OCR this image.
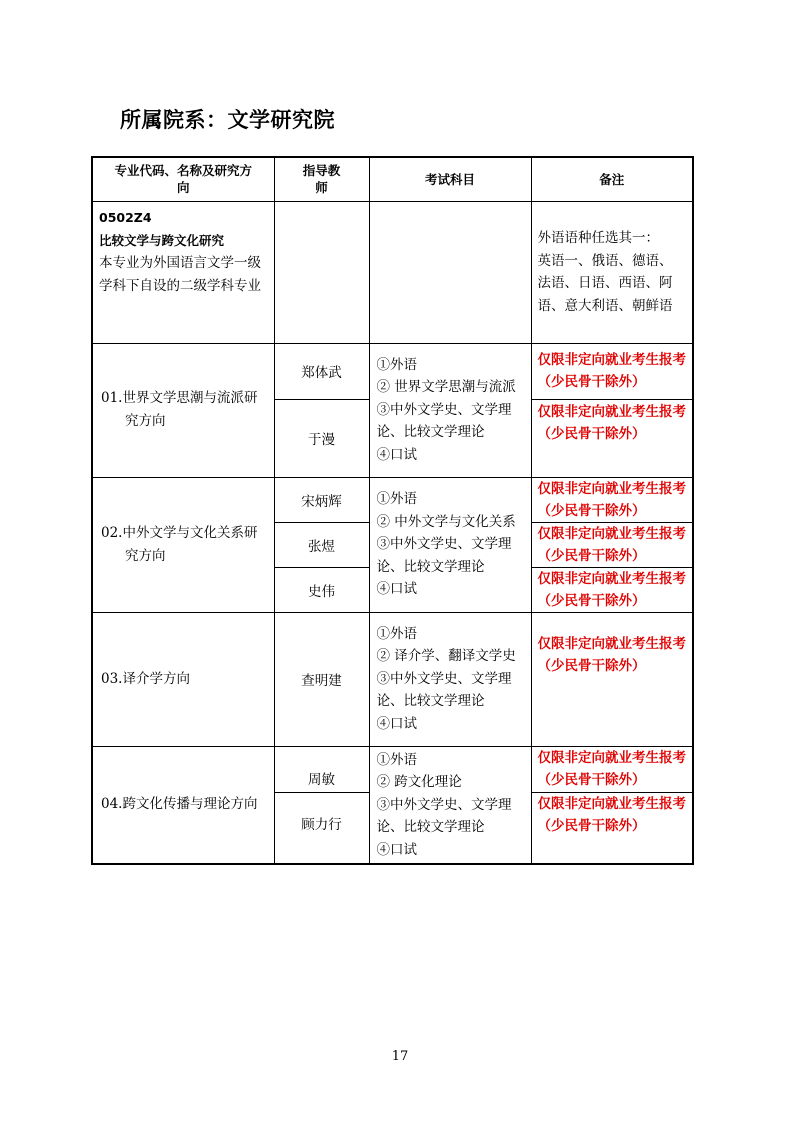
所属院系：文学研究院
专业代码、名称及研究方向	指导教师	考试科目	备注

0502Z4
比较文学与跨文化研究
本专业为外国语言文学一级学科下自设的二级学科专业			外语语种任选其一：
英语一、俄语、德语、
法语、日语、西语、阿
语、意大利语、朝鲜语

01.世界文学思潮与流派研究方向	郑体武	①外语
② 世界文学思潮与流派
③中外文学史、文学理论、比较文学理论
④口试	仅限非定向就业考生报考（少民骨干除外）
	于漫		仅限非定向就业考生报考（少民骨干除外）

02.中外文学与文化关系研究方向	宋炳辉	①外语
② 中外文学与文化关系
③中外文学史、文学理论、比较文学理论
④口试	仅限非定向就业考生报考（少民骨干除外）
	张煜		仅限非定向就业考生报考（少民骨干除外）
	史伟		仅限非定向就业考生报考（少民骨干除外）

03.译介学方向	查明建	①外语
② 译介学、翻译文学史
③中外文学史、文学理论、比较文学理论
④口试	仅限非定向就业考生报考（少民骨干除外）

04.跨文化传播与理论方向	周敏	①外语
② 跨文化理论
③中外文学史、文学理论、比较文学理论
④口试	仅限非定向就业考生报考（少民骨干除外）
	顾力行		仅限非定向就业考生报考（少民骨干除外）
17
